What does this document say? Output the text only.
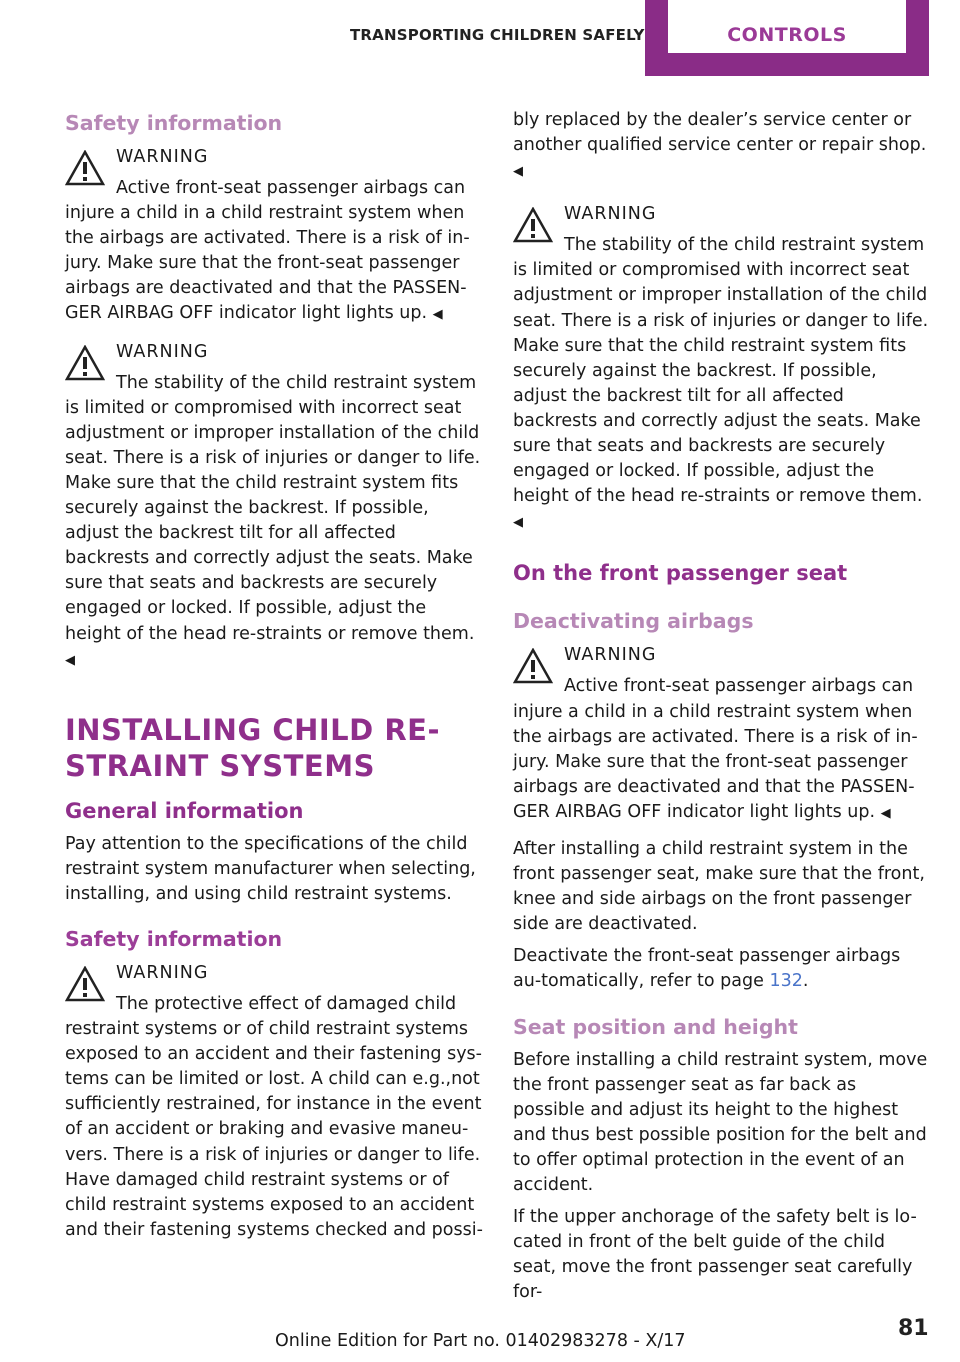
TRANSPORTING CHILDREN SAFELY	CONTROLS
Safety information
WARNING
Active front-seat passenger airbags can injure a child in a child restraint system when the airbags are activated. There is a risk of in-jury. Make sure that the front-seat passenger airbags are deactivated and that the PASSEN-GER AIRBAG OFF indicator light lights up. ◀
WARNING
The stability of the child restraint system is limited or compromised with incorrect seat adjustment or improper installation of the child seat. There is a risk of injuries or danger to life. Make sure that the child restraint system fits securely against the backrest. If possible, adjust the backrest tilt for all affected backrests and correctly adjust the seats. Make sure that seats and backrests are securely engaged or locked. If possible, adjust the height of the head re-straints or remove them. ◀
INSTALLING CHILD RE-
STRAINT SYSTEMS
General information

Pay attention to the specifications of the child restraint system manufacturer when selecting, installing, and using child restraint systems.

Safety information
WARNING
The protective effect of damaged child restraint systems or of child restraint systems exposed to an accident and their fastening sys-tems can be limited or lost. A child can e.g.,not sufficiently restrained, for instance in the event of an accident or braking and evasive maneu-vers. There is a risk of injuries or danger to life. Have damaged child restraint systems or of child restraint systems exposed to an accident and their fastening systems checked and possi-

bly replaced by the dealer’s service center or another qualified service center or repair shop. ◀

WARNING
The stability of the child restraint system is limited or compromised with incorrect seat adjustment or improper installation of the child seat. There is a risk of injuries or danger to life. Make sure that the child restraint system fits securely against the backrest. If possible, adjust the backrest tilt for all affected backrests and correctly adjust the seats. Make sure that seats and backrests are securely engaged or locked. If possible, adjust the height of the head re-straints or remove them. ◀
On the front passenger seat
Deactivating airbags
WARNING
Active front-seat passenger airbags can injure a child in a child restraint system when the airbags are activated. There is a risk of in-jury. Make sure that the front-seat passenger airbags are deactivated and that the PASSEN-GER AIRBAG OFF indicator light lights up. ◀

After installing a child restraint system in the front passenger seat, make sure that the front, knee and side airbags on the front passenger side are deactivated.

Deactivate the front-seat passenger airbags au-tomatically, refer to page 132.

Seat position and height

Before installing a child restraint system, move the front passenger seat as far back as possible and adjust its height to the highest and thus best possible position for the belt and to offer optimal protection in the event of an accident.

If the upper anchorage of the safety belt is lo-cated in front of the belt guide of the child seat, move the front passenger seat carefully for-

Online Edition for Part no. 01402983278 - X/17	81
